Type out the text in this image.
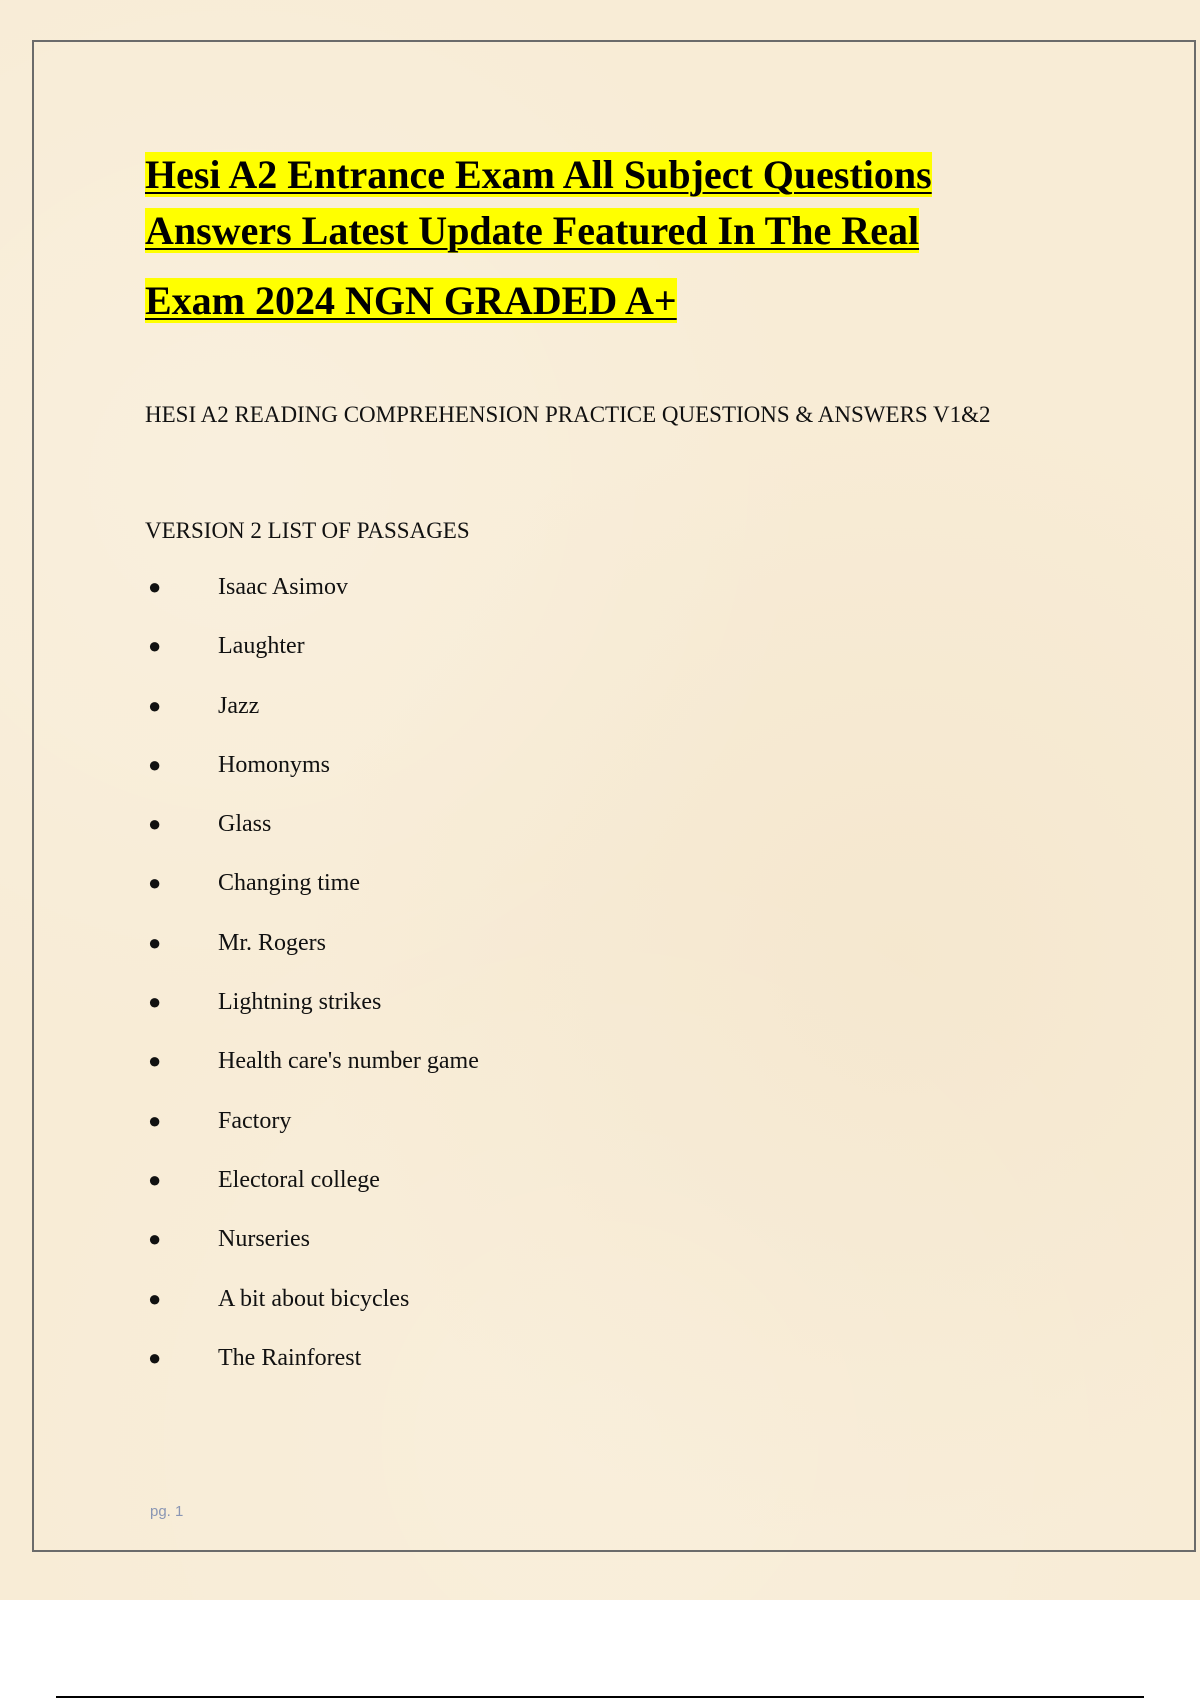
Hesi A2 Entrance Exam All Subject Questions
Answers Latest Update Featured In The Real
Exam 2024 NGN GRADED A+

HESI A2 READING COMPREHENSION PRACTICE QUESTIONS & ANSWERS V1&2

VERSION 2 LIST OF PASSAGES

●	Isaac Asimov
●	Laughter
●	Jazz
●	Homonyms
●	Glass
●	Changing time
●	Mr. Rogers
●	Lightning strikes
●	Health care's number game
●	Factory
●	Electoral college
●	Nurseries
●	A bit about bicycles
●	The Rainforest
pg. 1
